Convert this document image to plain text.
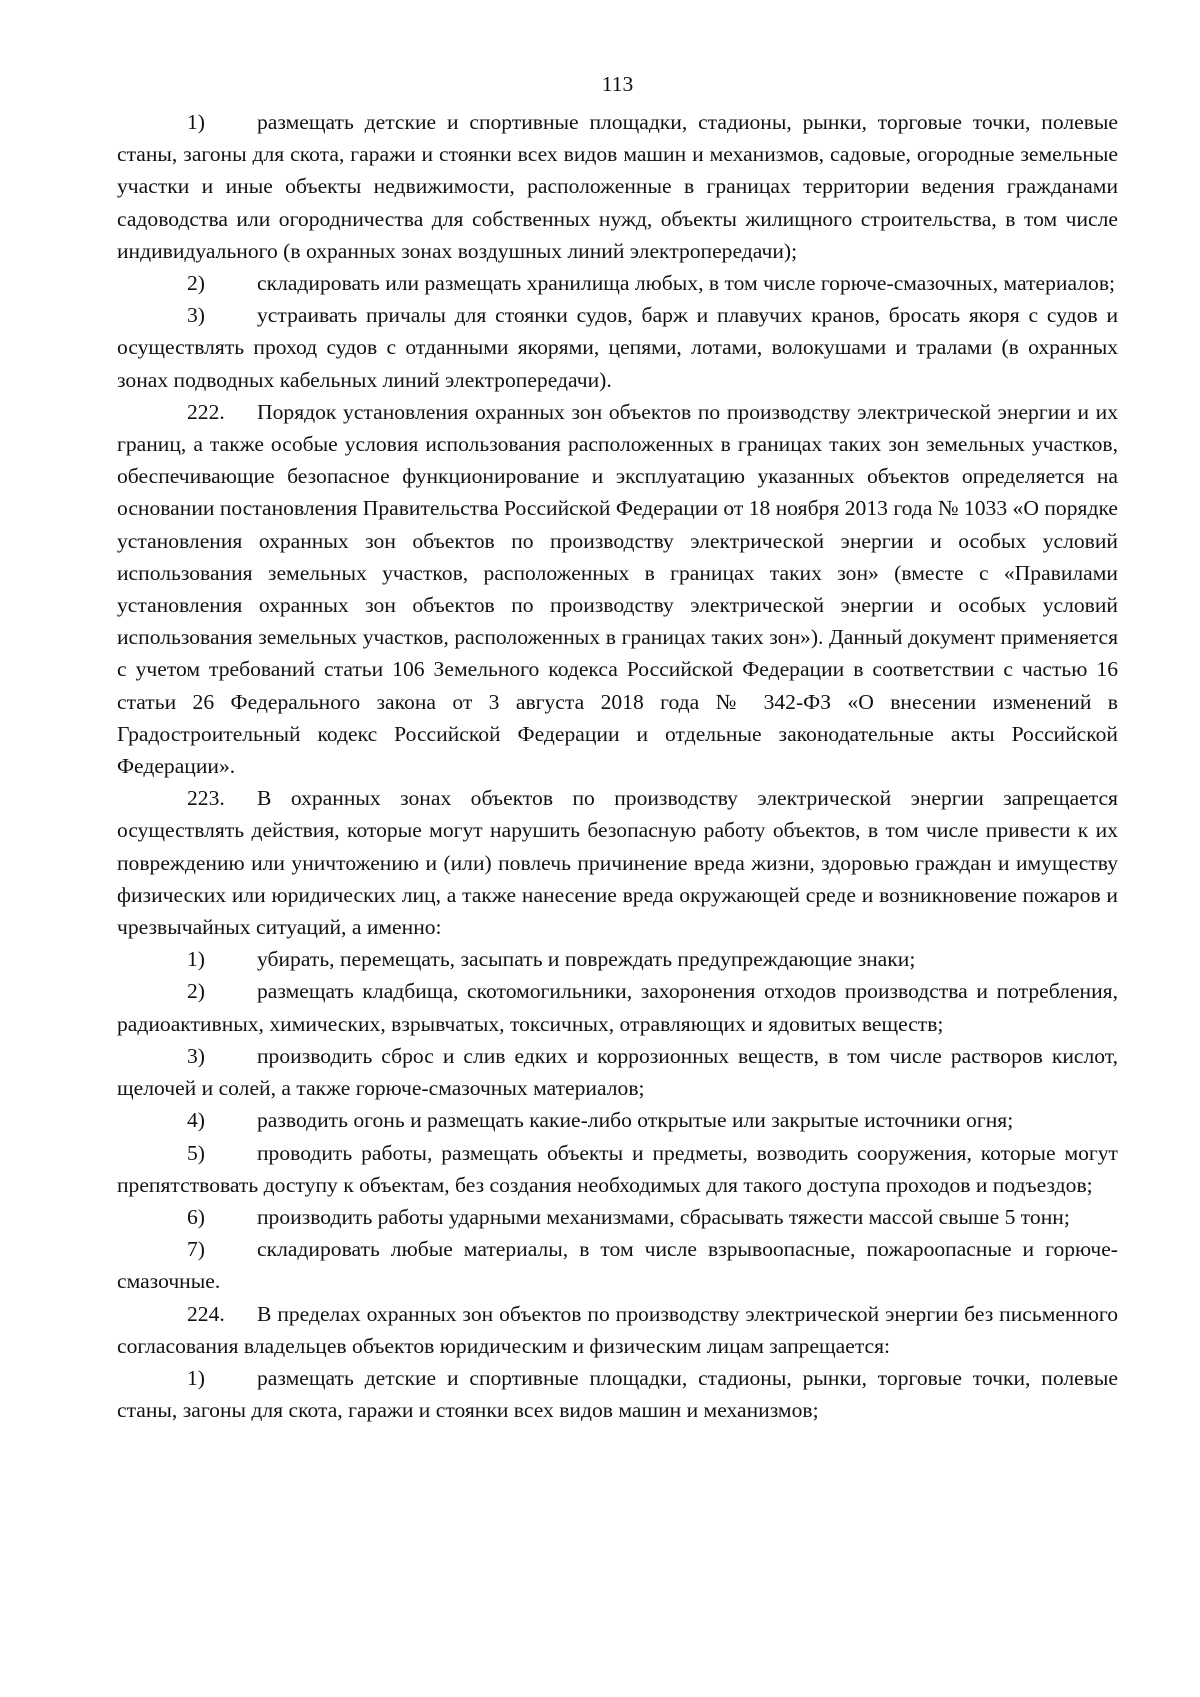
113

1) размещать детские и спортивные площадки, стадионы, рынки, торговые точки, полевые станы, загоны для скота, гаражи и стоянки всех видов машин и механизмов, садовые, огородные земельные участки и иные объекты недвижимости, расположенные в границах территории ведения гражданами садоводства или огородничества для собственных нужд, объекты жилищного строительства, в том числе индивидуального (в охранных зонах воздушных линий электропередачи);

2) складировать или размещать хранилища любых, в том числе горюче-смазочных, материалов;

3) устраивать причалы для стоянки судов, барж и плавучих кранов, бросать якоря с судов и осуществлять проход судов с отданными якорями, цепями, лотами, волокушами и тралами (в охранных зонах подводных кабельных линий электропередачи).

222. Порядок установления охранных зон объектов по производству электрической энергии и их границ, а также особые условия использования расположенных в границах таких зон земельных участков, обеспечивающие безопасное функционирование и эксплуатацию указанных объектов определяется на основании постановления Правительства Российской Федерации от 18 ноября 2013 года № 1033 «О порядке установления охранных зон объектов по производству электрической энергии и особых условий использования земельных участков, расположенных в границах таких зон» (вместе с «Правилами установления охранных зон объектов по производству электрической энергии и особых условий использования земельных участков, расположенных в границах таких зон»). Данный документ применяется с учетом требований статьи 106 Земельного кодекса Российской Федерации в соответствии с частью 16 статьи 26 Федерального закона от 3 августа 2018 года № 342-ФЗ «О внесении изменений в Градостроительный кодекс Российской Федерации и отдельные законодательные акты Российской Федерации».

223. В охранных зонах объектов по производству электрической энергии запрещается осуществлять действия, которые могут нарушить безопасную работу объектов, в том числе привести к их повреждению или уничтожению и (или) повлечь причинение вреда жизни, здоровью граждан и имуществу физических или юридических лиц, а также нанесение вреда окружающей среде и возникновение пожаров и чрезвычайных ситуаций, а именно:

1) убирать, перемещать, засыпать и повреждать предупреждающие знаки;

2) размещать кладбища, скотомогильники, захоронения отходов производства и потребления, радиоактивных, химических, взрывчатых, токсичных, отравляющих и ядовитых веществ;

3) производить сброс и слив едких и коррозионных веществ, в том числе растворов кислот, щелочей и солей, а также горюче-смазочных материалов;

4) разводить огонь и размещать какие-либо открытые или закрытые источники огня;

5) проводить работы, размещать объекты и предметы, возводить сооружения, которые могут препятствовать доступу к объектам, без создания необходимых для такого доступа проходов и подъездов;

6) производить работы ударными механизмами, сбрасывать тяжести массой свыше 5 тонн;

7) складировать любые материалы, в том числе взрывоопасные, пожароопасные и горюче-смазочные.

224. В пределах охранных зон объектов по производству электрической энергии без письменного согласования владельцев объектов юридическим и физическим лицам запрещается:

1) размещать детские и спортивные площадки, стадионы, рынки, торговые точки, полевые станы, загоны для скота, гаражи и стоянки всех видов машин и механизмов;
